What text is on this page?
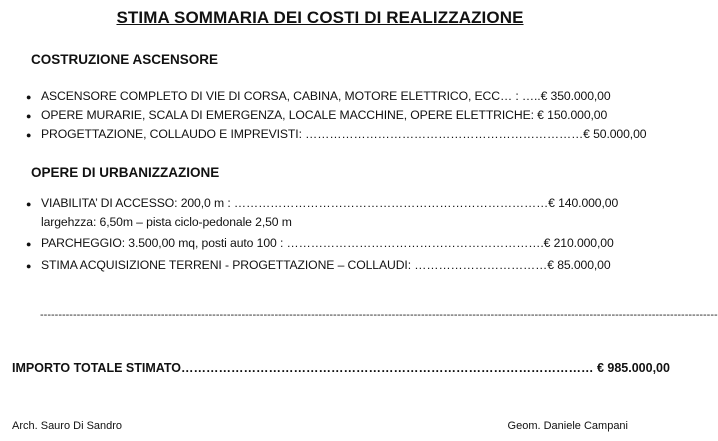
STIMA SOMMARIA DEI COSTI DI REALIZZAZIONE
COSTRUZIONE ASCENSORE
● ASCENSORE COMPLETO DI VIE DI CORSA, CABINA, MOTORE ELETTRICO, ECC… : …..€ 350.000,00
● OPERE MURARIE, SCALA DI EMERGENZA, LOCALE MACCHINE, OPERE ELETTRICHE: € 150.000,00
● PROGETTAZIONE, COLLAUDO E IMPREVISTI: ……………………………………………………………€ 50.000,00
OPERE DI URBANIZZAZIONE
● VIABILITA’ DI ACCESSO: 200,0 m : ……………………………………………………………………€ 140.000,00
largehzza: 6,50m – pista ciclo-pedonale 2,50 m
● PARCHEGGIO: 3.500,00 mq, posti auto 100 : ……………………………………………………….€ 210.000,00
● STIMA ACQUISIZIONE TERRENI - PROGETTAZIONE – COLLAUDI: ……………………………€ 85.000,00
-----------------------------------------------------------------------------------------------------------------------------------------------------------------------------------------
IMPORTO TOTALE STIMATO……………………………………………………………………………………… € 985.000,00
Arch. Sauro Di Sandro	Geom. Daniele Campani
